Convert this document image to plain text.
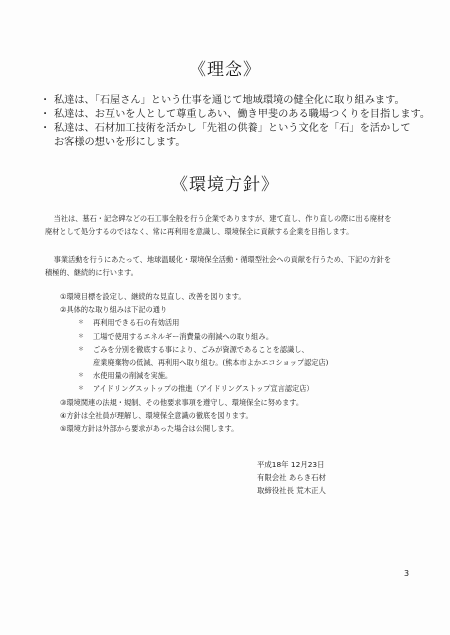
《理念》
・ 私達は、「石屋さん」という仕事を通じて地域環境の健全化に取り組みます。
・ 私達は、お互いを人として尊重しあい、働き甲斐のある職場つくりを目指します。
・ 私達は、石材加工技術を活かし「先祖の供養」という文化を「石」を活かして
お客様の想いを形にします。
《環境方針》
当社は、墓石・記念碑などの石工事全般を行う企業でありますが、建て直し、作り直しの際に出る廃材を
廃材として処分するのではなく、常に再利用を意識し、環境保全に貢献する企業を目指します。
事業活動を行うにあたって、地球温暖化・環境保全活動・循環型社会への貢献を行うため、下記の方針を
積極的、継続的に行います。
①環境目標を設定し、継続的な見直し、改善を図ります。
②具体的な取り組みは下記の通り
＊ 再利用できる石の有効活用
＊ 工場で使用するエネルギー消費量の削減への取り組み。
＊ ごみを分別を徹底する事により、ごみが資源であることを認識し、
産業廃棄物の低減、再利用へ取り組む。(熊本市よかエコショップ認定店)
＊ 水使用量の削減を実施。
＊ アイドリングスットップの推進（アイドリングストップ宣言認定店）
③環境関連の法規・規制、その他要求事項を遵守し、環境保全に努めます。
④方針は全社員が理解し、環境保全意識の徹底を図ります。
⑤環境方針は外部から要求があった場合は公開します。
平成18年 12月23日
有限会社 あらき石材
取締役社長 荒木正人
3
